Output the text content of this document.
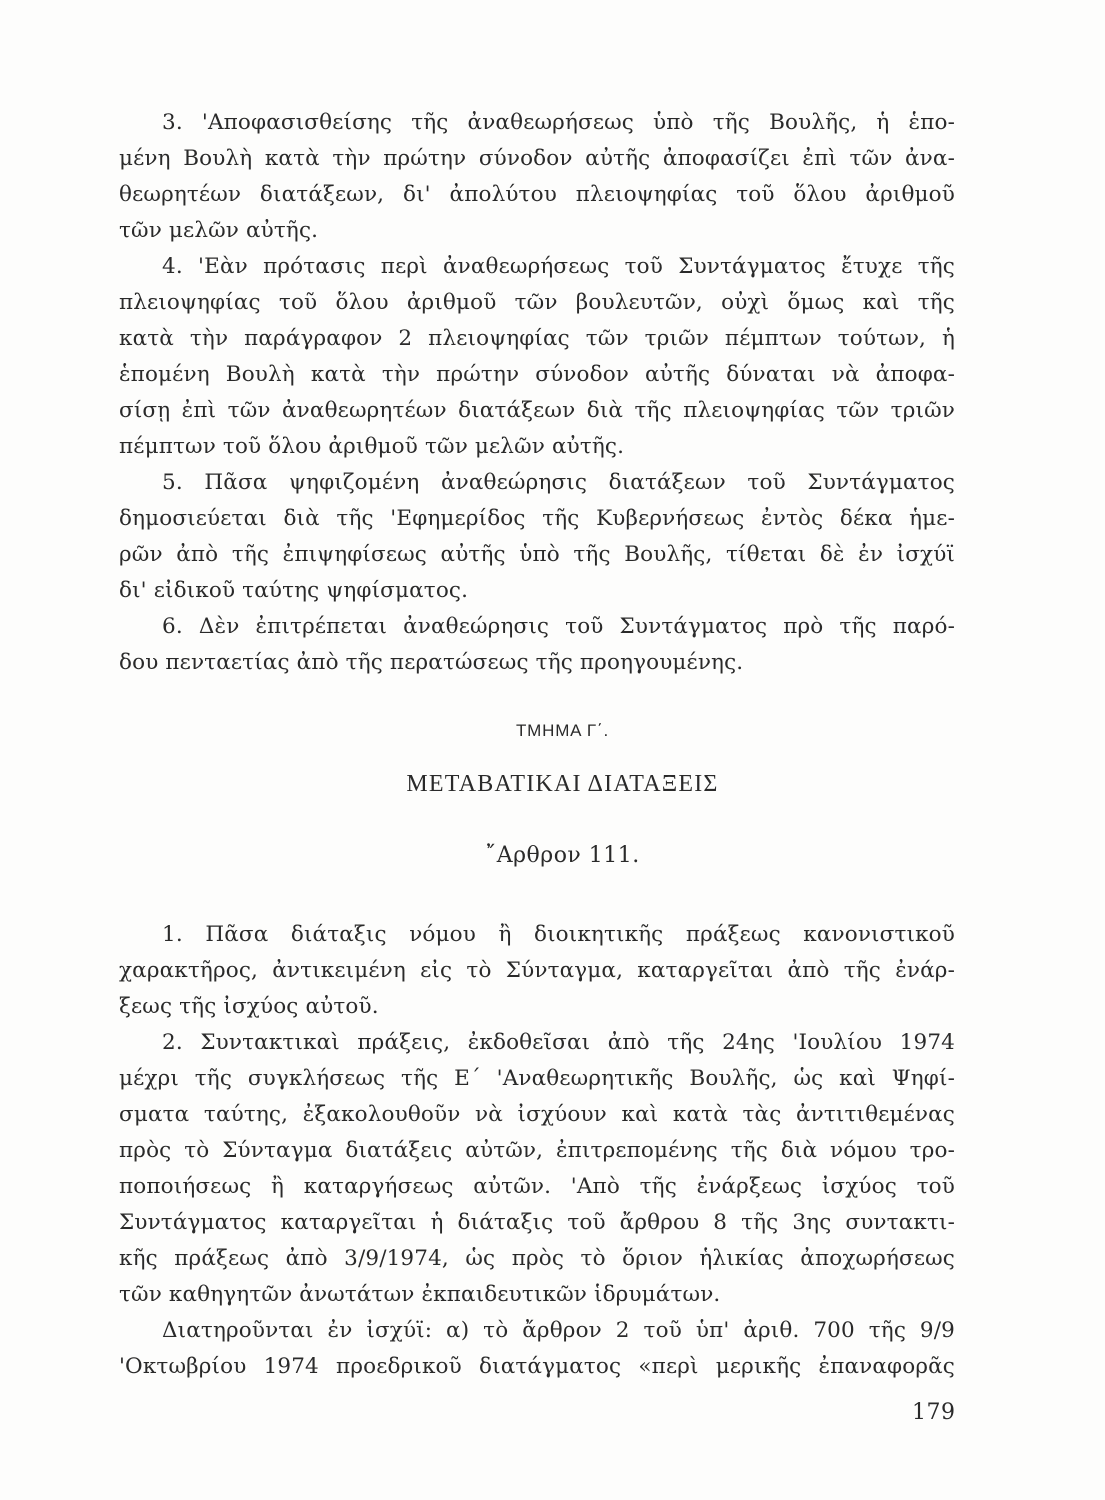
3. 'Αποφασισθείσης τῆς ἀναθεωρήσεως ὑπὸ τῆς Βουλῆς, ἡ ἑπο-
μένη Βουλὴ κατὰ τὴν πρώτην σύνοδον αὐτῆς ἀποφασίζει ἐπὶ τῶν ἀνα-
θεωρητέων διατάξεων, δι' ἀπολύτου πλειοψηφίας τοῦ ὅλου ἀριθμοῦ
τῶν μελῶν αὐτῆς.
4. 'Εὰν πρότασις περὶ ἀναθεωρήσεως τοῦ Συντάγματος ἔτυχε τῆς
πλειοψηφίας τοῦ ὅλου ἀριθμοῦ τῶν βουλευτῶν, οὐχὶ ὅμως καὶ τῆς
κατὰ τὴν παράγραφον 2 πλειοψηφίας τῶν τριῶν πέμπτων τούτων, ἡ
ἑπομένη Βουλὴ κατὰ τὴν πρώτην σύνοδον αὐτῆς δύναται νὰ ἀποφα-
σίσῃ ἐπὶ τῶν ἀναθεωρητέων διατάξεων διὰ τῆς πλειοψηφίας τῶν τριῶν
πέμπτων τοῦ ὅλου ἀριθμοῦ τῶν μελῶν αὐτῆς.
5. Πᾶσα ψηφιζομένη ἀναθεώρησις διατάξεων τοῦ Συντάγματος
δημοσιεύεται διὰ τῆς 'Εφημερίδος τῆς Κυβερνήσεως ἐντὸς δέκα ἡμε-
ρῶν ἀπὸ τῆς ἐπιψηφίσεως αὐτῆς ὑπὸ τῆς Βουλῆς, τίθεται δὲ ἐν ἰσχύϊ
δι' εἰδικοῦ ταύτης ψηφίσματος.
6. Δὲν ἐπιτρέπεται ἀναθεώρησις τοῦ Συντάγματος πρὸ τῆς παρό-
δου πενταετίας ἀπὸ τῆς περατώσεως τῆς προηγουμένης.
ΤΜΗΜΑ Γ΄.
ΜΕΤΑΒΑΤΙΚΑΙ ΔΙΑΤΑΞΕΙΣ
῎Αρθρον 111.
1. Πᾶσα διάταξις νόμου ἢ διοικητικῆς πράξεως κανονιστικοῦ
χαρακτῆρος, ἀντικειμένη εἰς τὸ Σύνταγμα, καταργεῖται ἀπὸ τῆς ἐνάρ-
ξεως τῆς ἰσχύος αὐτοῦ.
2. Συντακτικαὶ πράξεις, ἐκδοθεῖσαι ἀπὸ τῆς 24ης 'Ιουλίου 1974
μέχρι τῆς συγκλήσεως τῆς Ε΄ 'Αναθεωρητικῆς Βουλῆς, ὡς καὶ Ψηφί-
σματα ταύτης, ἐξακολουθοῦν νὰ ἰσχύουν καὶ κατὰ τὰς ἀντιτιθεμένας
πρὸς τὸ Σύνταγμα διατάξεις αὐτῶν, ἐπιτρεπομένης τῆς διὰ νόμου τρο-
ποποιήσεως ἢ καταργήσεως αὐτῶν. 'Απὸ τῆς ἐνάρξεως ἰσχύος τοῦ
Συντάγματος καταργεῖται ἡ διάταξις τοῦ ἄρθρου 8 τῆς 3ης συντακτι-
κῆς πράξεως ἀπὸ 3/9/1974, ὡς πρὸς τὸ ὅριον ἡλικίας ἀποχωρήσεως
τῶν καθηγητῶν ἀνωτάτων ἐκπαιδευτικῶν ἱδρυμάτων.
Διατηροῦνται ἐν ἰσχύϊ: α) τὸ ἄρθρον 2 τοῦ ὑπ' ἀριθ. 700 τῆς 9/9
'Οκτωβρίου 1974 προεδρικοῦ διατάγματος «περὶ μερικῆς ἐπαναφορᾶς
179
